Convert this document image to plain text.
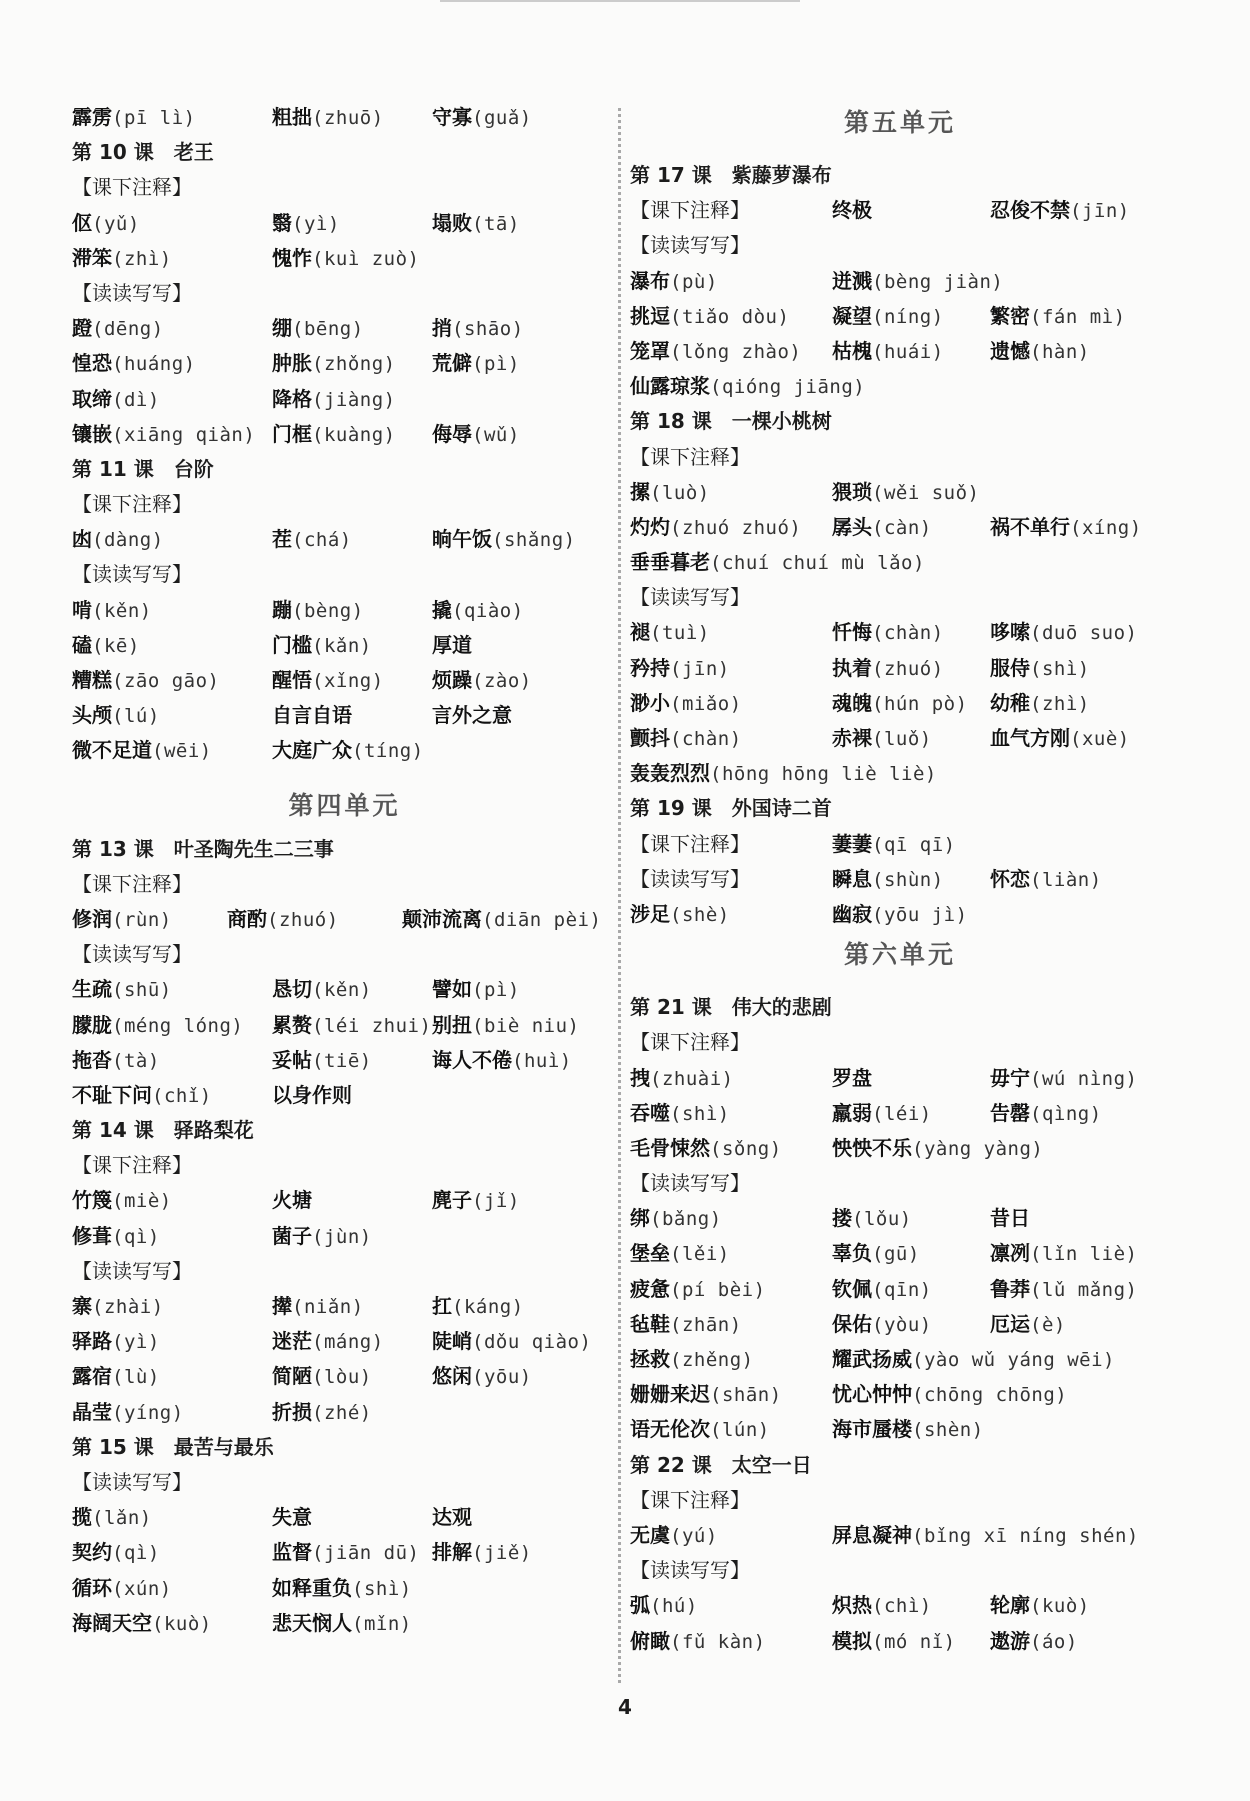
霹雳(pī lì)	粗拙(zhuō) 守寡(guǎ)
第 10 课 老王
【课下注释】
伛(yǔ)	翳(yì)	塌败(tā)
滞笨(zhì)	愧怍(kuì zuò)
【读读写写】
蹬(dēng)	绷(bēng)	捎(shāo)
惶恐(huáng)	肿胀(zhǒng) 荒僻(pì)
取缔(dì)	降格(jiàng)
镶嵌(xiāng qiàn) 门框(kuàng) 侮辱(wǔ)
第 11 课 台阶
【课下注释】
凼(dàng)	茬(chá)	晌午饭(shǎng)
【读读写写】
啃(kěn)	蹦(bèng)	撬(qiào)
磕(kē)	门槛(kǎn)	厚道
糟糕(zāo gāo)	醒悟(xǐng) 烦躁(zào)
头颅(lú)	自言自语	言外之意
微不足道(wēi)	大庭广众(tíng)
第四单元
第 13 课 叶圣陶先生二三事
【课下注释】
修润(rùn)	商酌(zhuó)	颠沛流离(diān pèi)
【读读写写】
生疏(shū)	恳切(kěn)	譬如(pì)
朦胧(méng lóng) 累赘(léi zhui) 别扭(biè niu)
拖沓(tà)	妥帖(tiē)	诲人不倦(huì)
不耻下问(chǐ)	以身作则
第 14 课 驿路梨花
【课下注释】
竹篾(miè)	火塘	麂子(jǐ)
修葺(qì)	菌子(jùn)
【读读写写】
寨(zhài)	撵(niǎn)	扛(káng)
驿路(yì)	迷茫(máng) 陡峭(dǒu qiào)
露宿(lù)	简陋(lòu)	悠闲(yōu)
晶莹(yíng)	折损(zhé)
第 15 课 最苦与最乐
【读读写写】
揽(lǎn)	失意	达观
契约(qì)	监督(jiān dū) 排解(jiě)
循环(xún)	如释重负(shì)
海阔天空(kuò)	悲天悯人(mǐn)
第五单元
第 17 课 紫藤萝瀑布
【课下注释】	终极	忍俊不禁(jīn)
【读读写写】
瀑布(pù)	迸溅(bèng jiàn)
挑逗(tiǎo dòu) 凝望(níng) 繁密(fán mì)
笼罩(lǒng zhào) 枯槐(huái) 遗憾(hàn)
仙露琼浆(qióng jiāng)
第 18 课 一棵小桃树
【课下注释】
摞(luò)	猥琐(wěi suǒ)
灼灼(zhuó zhuó) 孱头(càn)	祸不单行(xíng)
垂垂暮老(chuí chuí mù lǎo)
【读读写写】
褪(tuì)	忏悔(chàn) 哆嗦(duō suo)
矜持(jīn)	执着(zhuó) 服侍(shì)
渺小(miǎo)	魂魄(hún pò) 幼稚(zhì)
颤抖(chàn)	赤裸(luǒ)	血气方刚(xuè)
轰轰烈烈(hōng hōng liè liè)
第 19 课 外国诗二首
【课下注释】	萋萋(qī qī)
【读读写写】	瞬息(shùn) 怀恋(liàn)
涉足(shè)	幽寂(yōu jì)
第六单元
第 21 课 伟大的悲剧
【课下注释】
拽(zhuài)	罗盘	毋宁(wú nìng)
吞噬(shì)	羸弱(léi)	告罄(qìng)
毛骨悚然(sǒng)	怏怏不乐(yàng yàng)
【读读写写】
绑(bǎng)	搂(lǒu)	昔日
堡垒(lěi)	辜负(gū)	凛冽(lǐn liè)
疲惫(pí bèi)	钦佩(qīn)	鲁莽(lǔ mǎng)
毡鞋(zhān)	保佑(yòu)	厄运(è)
拯救(zhěng)	耀武扬威(yào wǔ yáng wēi)
姗姗来迟(shān)	忧心忡忡(chōng chōng)
语无伦次(lún)	海市蜃楼(shèn)
第 22 课 太空一日
【课下注释】
无虞(yú)	屏息凝神(bǐng xī níng shén)
【读读写写】
弧(hú)	炽热(chì)	轮廓(kuò)
俯瞰(fǔ kàn)	模拟(mó nǐ) 遨游(áo)
4
